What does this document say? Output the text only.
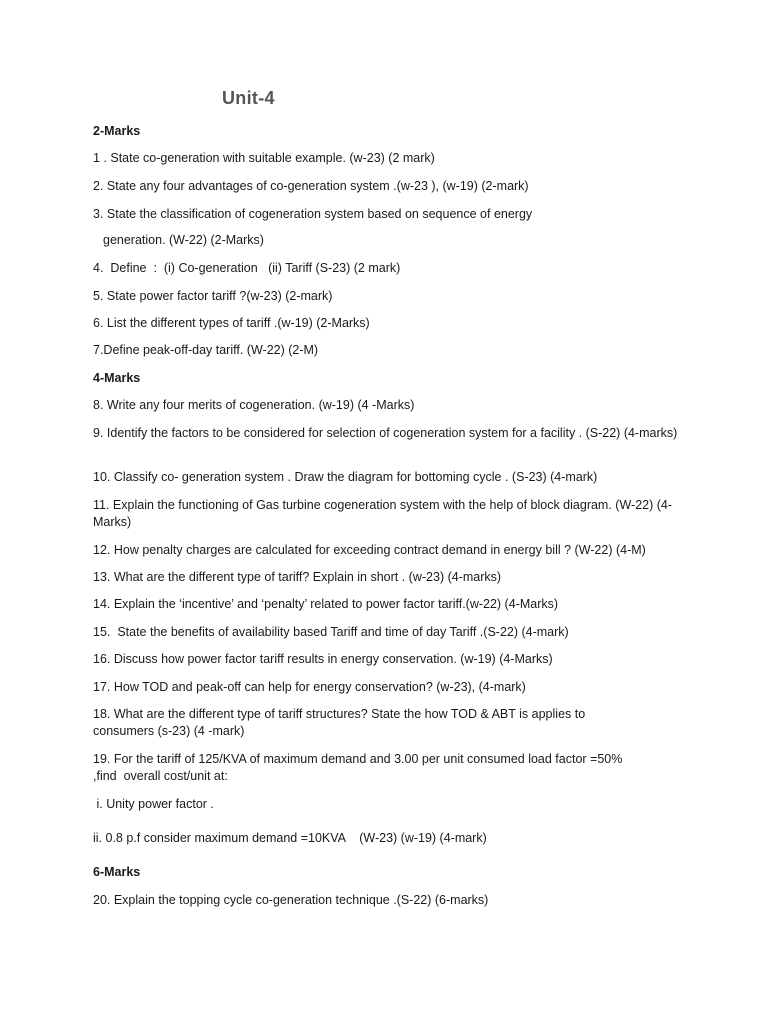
Unit-4
2-Marks
1 . State co-generation with suitable example. (w-23) (2 mark)
2. State any four advantages of co-generation system .(w-23 ), (w-19) (2-mark)
3. State the classification of cogeneration system based on sequence of energy
generation. (W-22) (2-Marks)
4.  Define  :  (i) Co-generation   (ii) Tariff (S-23) (2 mark)
5. State power factor tariff ?(w-23) (2-mark)
6. List the different types of tariff .(w-19) (2-Marks)
7.Define peak-off-day tariff. (W-22) (2-M)
4-Marks
8. Write any four merits of cogeneration. (w-19) (4 -Marks)
9. Identify the factors to be considered for selection of cogeneration system for a facility . (S-22) (4-marks)
10. Classify co- generation system . Draw the diagram for bottoming cycle . (S-23) (4-mark)
11. Explain the functioning of Gas turbine cogeneration system with the help of block diagram. (W-22) (4-Marks)
12. How penalty charges are calculated for exceeding contract demand in energy bill ? (W-22) (4-M)
13. What are the different type of tariff? Explain in short . (w-23) (4-marks)
14. Explain the ‘incentive’ and ‘penalty’ related to power factor tariff.(w-22) (4-Marks)
15.  State the benefits of availability based Tariff and time of day Tariff .(S-22) (4-mark)
16. Discuss how power factor tariff results in energy conservation. (w-19) (4-Marks)
17. How TOD and peak-off can help for energy conservation? (w-23), (4-mark)
18. What are the different type of tariff structures? State the how TOD & ABT is applies to consumers (s-23) (4 -mark)
19. For the tariff of 125/KVA of maximum demand and 3.00 per unit consumed load factor =50% ,find  overall cost/unit at:
i. Unity power factor .
ii. 0.8 p.f consider maximum demand =10KVA    (W-23) (w-19) (4-mark)
6-Marks
20. Explain the topping cycle co-generation technique .(S-22) (6-marks)
